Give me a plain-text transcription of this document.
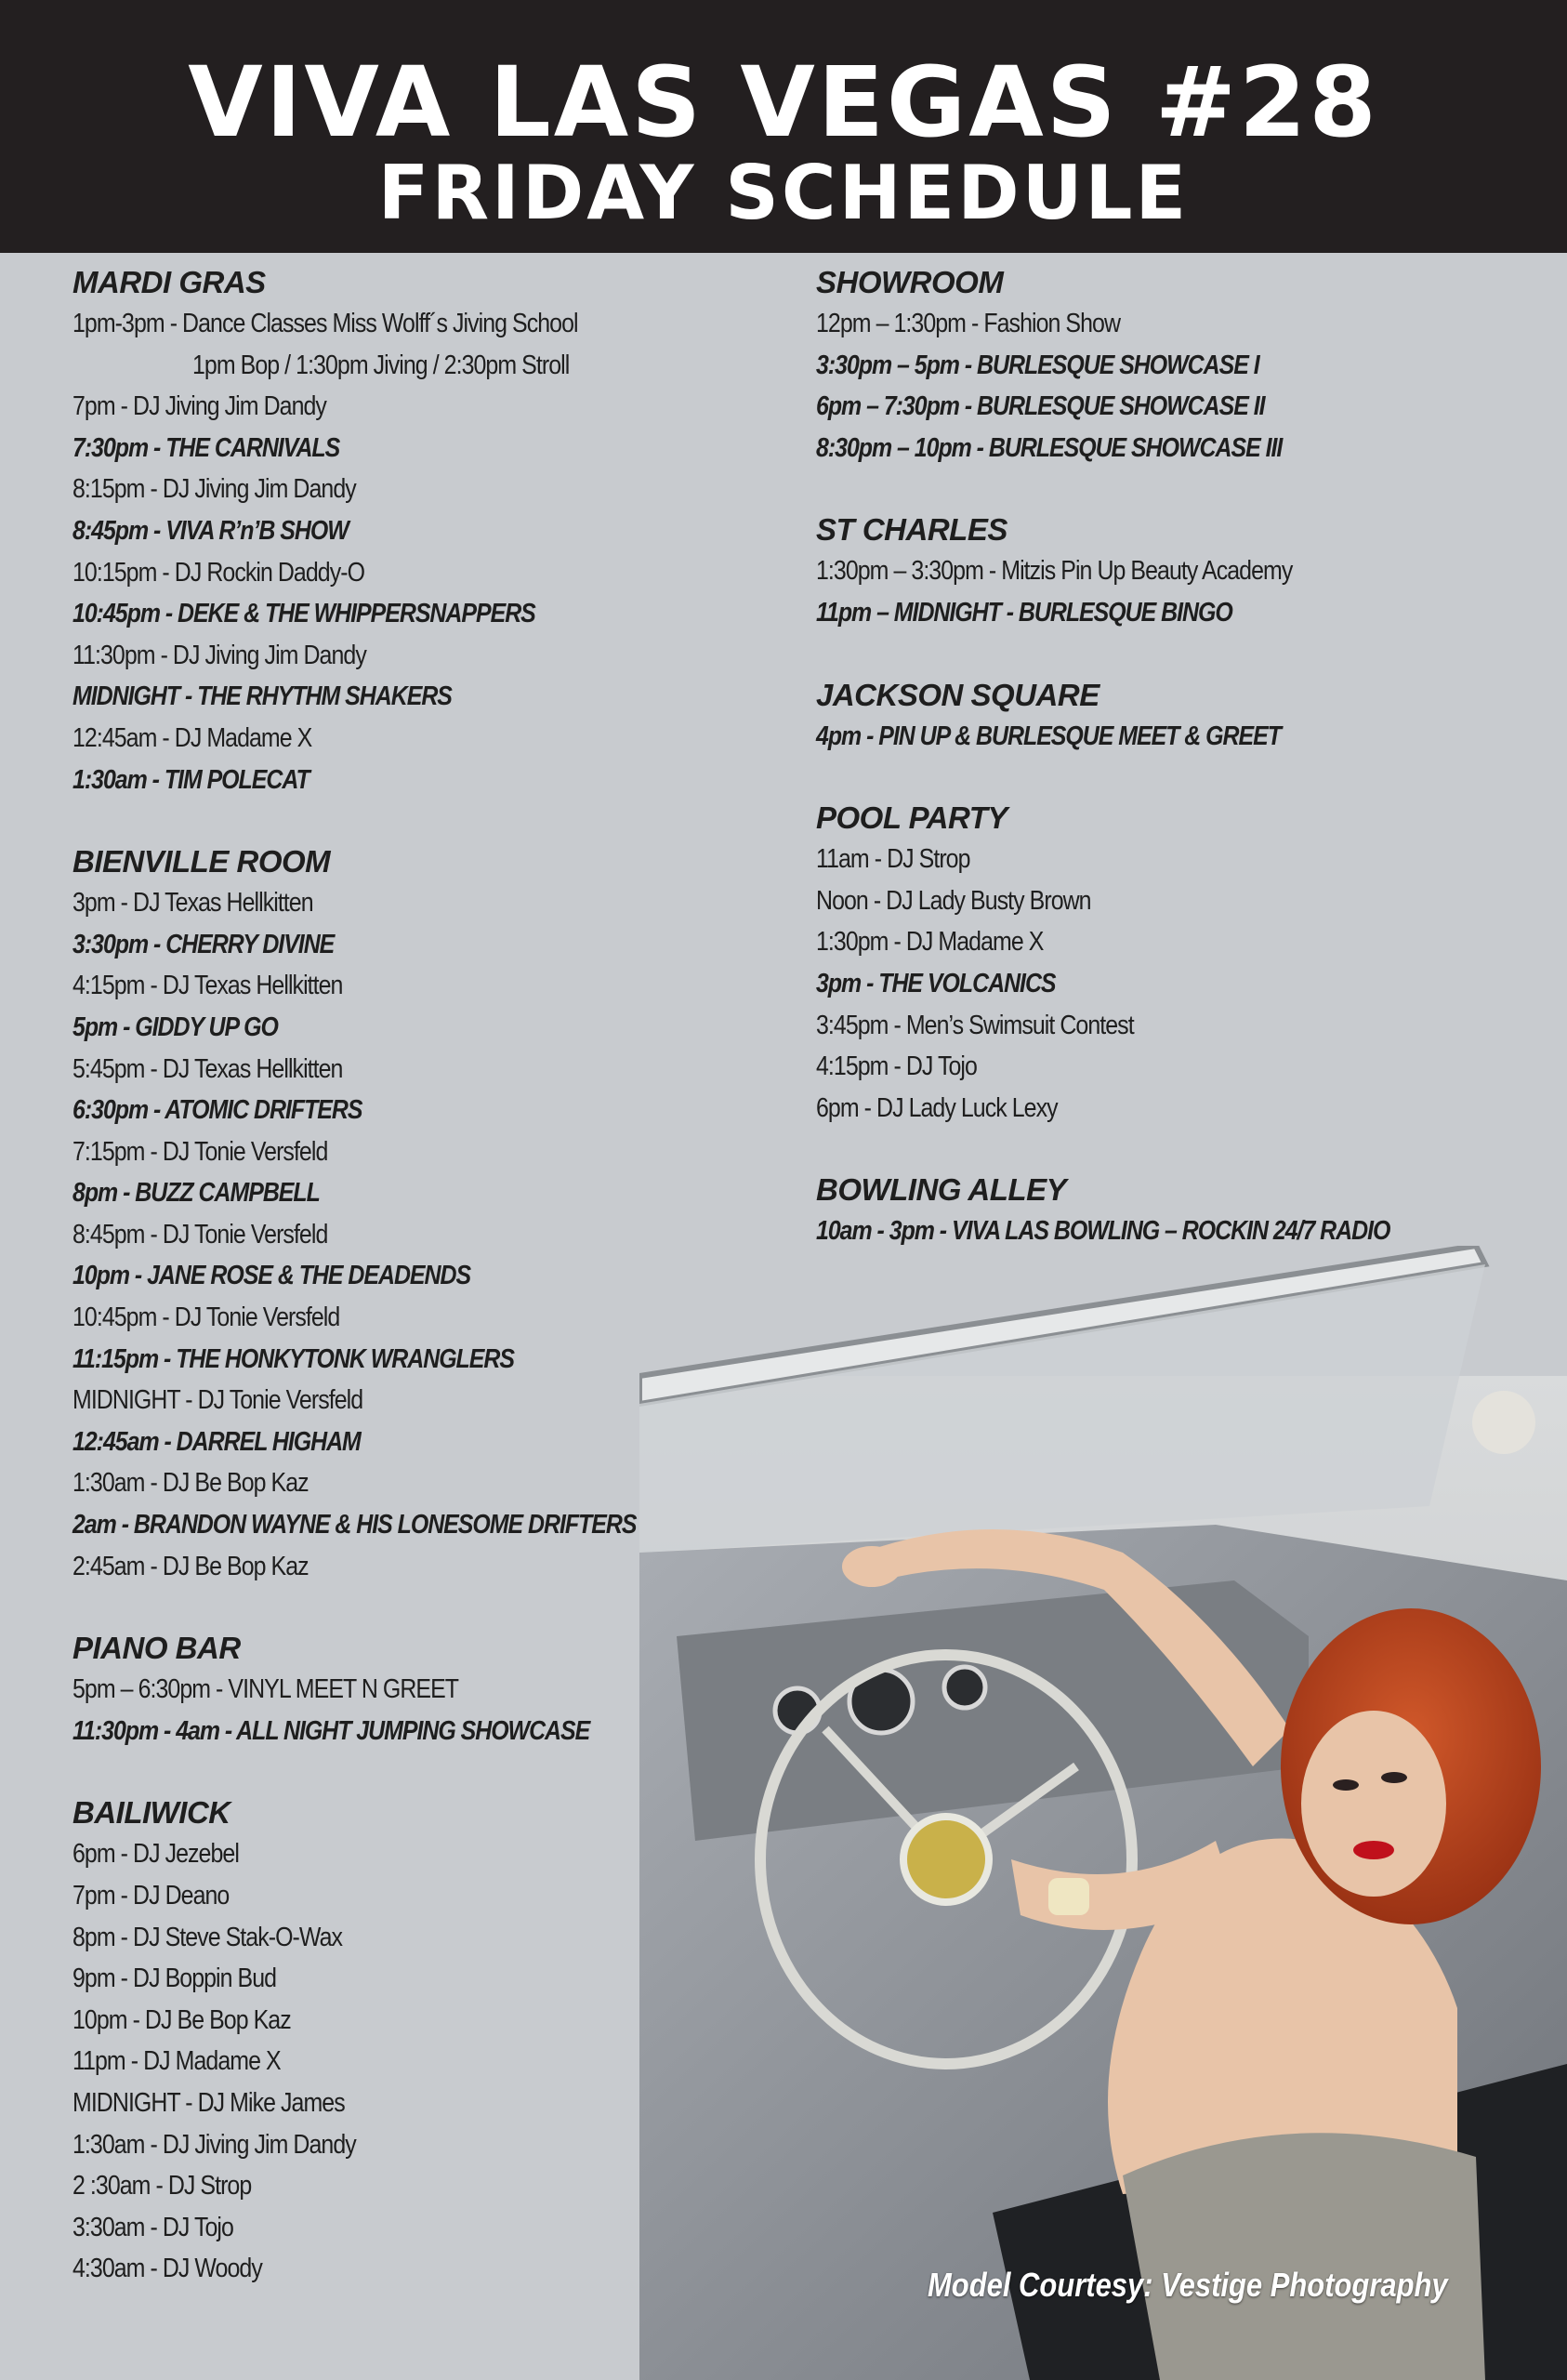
VIVA LAS VEGAS #28
FRIDAY SCHEDULE
MARDI GRAS
1pm-3pm - Dance Classes Miss Wolff´s Jiving School
1pm Bop / 1:30pm Jiving / 2:30pm Stroll
7pm - DJ Jiving Jim Dandy
7:30pm - THE CARNIVALS
8:15pm - DJ Jiving Jim Dandy
8:45pm - VIVA R’n’B SHOW
10:15pm - DJ Rockin Daddy-O
10:45pm - DEKE & THE WHIPPERSNAPPERS
11:30pm - DJ Jiving Jim Dandy
MIDNIGHT - THE RHYTHM SHAKERS
12:45am - DJ Madame X
1:30am - TIM POLECAT
BIENVILLE ROOM
3pm - DJ Texas Hellkitten
3:30pm - CHERRY DIVINE
4:15pm - DJ Texas Hellkitten
5pm - GIDDY UP GO
5:45pm - DJ Texas Hellkitten
6:30pm - ATOMIC DRIFTERS
7:15pm - DJ Tonie Versfeld
8pm - BUZZ CAMPBELL
8:45pm - DJ Tonie Versfeld
10pm - JANE ROSE & THE DEADENDS
10:45pm - DJ Tonie Versfeld
11:15pm - THE HONKYTONK WRANGLERS
MIDNIGHT - DJ Tonie Versfeld
12:45am - DARREL HIGHAM
1:30am - DJ Be Bop Kaz
2am - BRANDON WAYNE & HIS LONESOME DRIFTERS
2:45am - DJ Be Bop Kaz
PIANO BAR
5pm – 6:30pm - VINYL MEET N GREET
11:30pm - 4am - ALL NIGHT JUMPING SHOWCASE
BAILIWICK
6pm - DJ Jezebel
7pm - DJ Deano
8pm - DJ Steve Stak-O-Wax
9pm - DJ Boppin Bud
10pm - DJ Be Bop Kaz
11pm - DJ Madame X
MIDNIGHT - DJ Mike James
1:30am - DJ Jiving Jim Dandy
2 :30am - DJ Strop
3:30am - DJ Tojo
4:30am - DJ Woody
SHOWROOM
12pm – 1:30pm - Fashion Show
3:30pm – 5pm - BURLESQUE SHOWCASE I
6pm – 7:30pm - BURLESQUE SHOWCASE II
8:30pm – 10pm - BURLESQUE SHOWCASE III
ST CHARLES
1:30pm – 3:30pm - Mitzis Pin Up Beauty Academy
11pm – MIDNIGHT - BURLESQUE BINGO
JACKSON SQUARE
4pm - PIN UP & BURLESQUE MEET & GREET
POOL PARTY
11am - DJ Strop
Noon - DJ Lady Busty Brown
1:30pm - DJ Madame X
3pm - THE VOLCANICS
3:45pm - Men’s Swimsuit Contest
4:15pm - DJ Tojo
6pm - DJ Lady Luck Lexy
BOWLING ALLEY
10am - 3pm - VIVA LAS BOWLING – ROCKIN 24/7 RADIO
Model Courtesy: Vestige Photography
